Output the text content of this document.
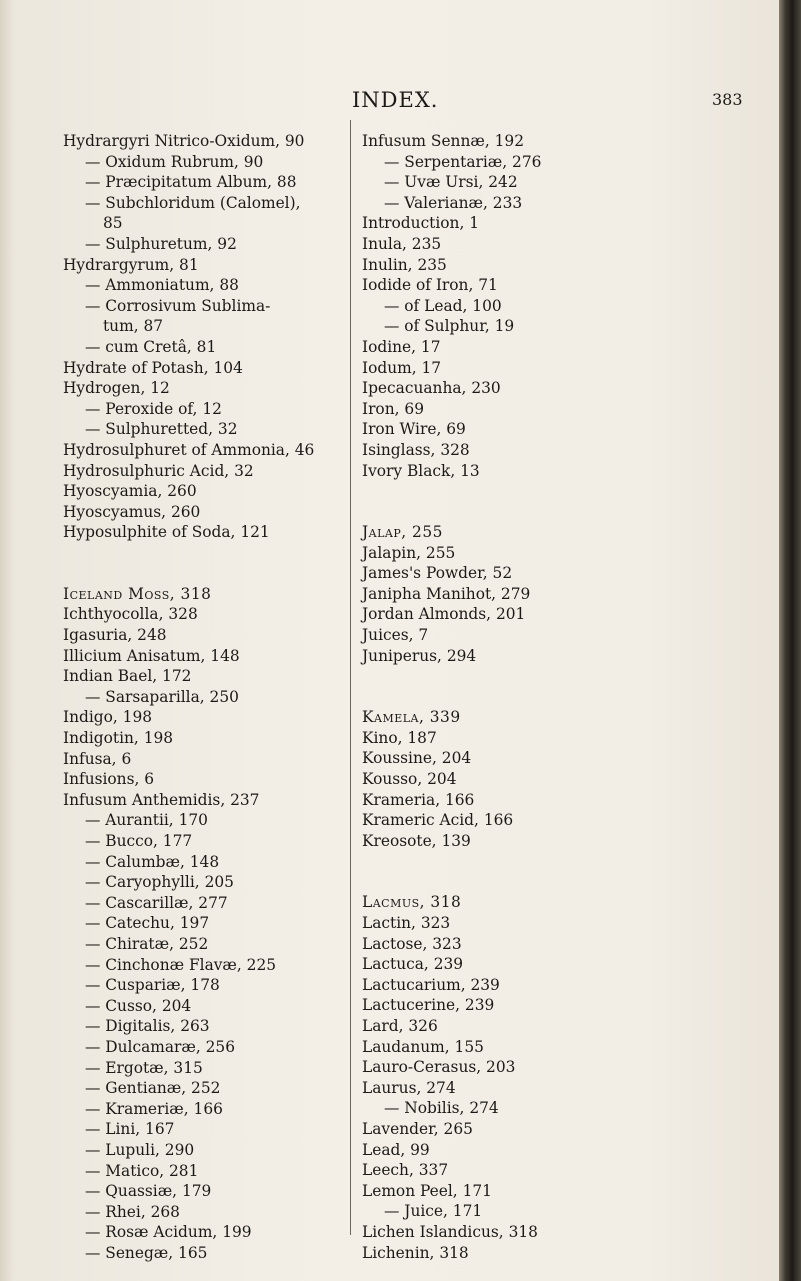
INDEX.	383
Hydrargyri Nitrico-Oxidum, 90
— Oxidum Rubrum, 90
— Præcipitatum Album, 88
— Subchloridum (Calomel),
85
— Sulphuretum, 92
Hydrargyrum, 81
— Ammoniatum, 88
— Corrosivum Sublima-
tum, 87
— cum Cretâ, 81
Hydrate of Potash, 104
Hydrogen, 12
— Peroxide of, 12
— Sulphuretted, 32
Hydrosulphuret of Ammonia, 46
Hydrosulphuric Acid, 32
Hyoscyamia, 260
Hyoscyamus, 260
Hyposulphite of Soda, 121
Iceland Moss, 318
Ichthyocolla, 328
Igasuria, 248
Illicium Anisatum, 148
Indian Bael, 172
— Sarsaparilla, 250
Indigo, 198
Indigotin, 198
Infusa, 6
Infusions, 6
Infusum Anthemidis, 237
— Aurantii, 170
— Bucco, 177
— Calumbæ, 148
— Caryophylli, 205
— Cascarillæ, 277
— Catechu, 197
— Chiratæ, 252
— Cinchonæ Flavæ, 225
— Cuspariæ, 178
— Cusso, 204
— Digitalis, 263
— Dulcamaræ, 256
— Ergotæ, 315
— Gentianæ, 252
— Krameriæ, 166
— Lini, 167
— Lupuli, 290
— Matico, 281
— Quassiæ, 179
— Rhei, 268
— Rosæ Acidum, 199
— Senegæ, 165
Infusum Sennæ, 192
— Serpentariæ, 276
— Uvæ Ursi, 242
— Valerianæ, 233
Introduction, 1
Inula, 235
Inulin, 235
Iodide of Iron, 71
— of Lead, 100
— of Sulphur, 19
Iodine, 17
Iodum, 17
Ipecacuanha, 230
Iron, 69
Iron Wire, 69
Isinglass, 328
Ivory Black, 13
Jalap, 255
Jalapin, 255
James's Powder, 52
Janipha Manihot, 279
Jordan Almonds, 201
Juices, 7
Juniperus, 294
Kamela, 339
Kino, 187
Koussine, 204
Kousso, 204
Krameria, 166
Krameric Acid, 166
Kreosote, 139
Lacmus, 318
Lactin, 323
Lactose, 323
Lactuca, 239
Lactucarium, 239
Lactucerine, 239
Lard, 326
Laudanum, 155
Lauro-Cerasus, 203
Laurus, 274
— Nobilis, 274
Lavender, 265
Lead, 99
Leech, 337
Lemon Peel, 171
— Juice, 171
Lichen Islandicus, 318
Lichenin, 318
